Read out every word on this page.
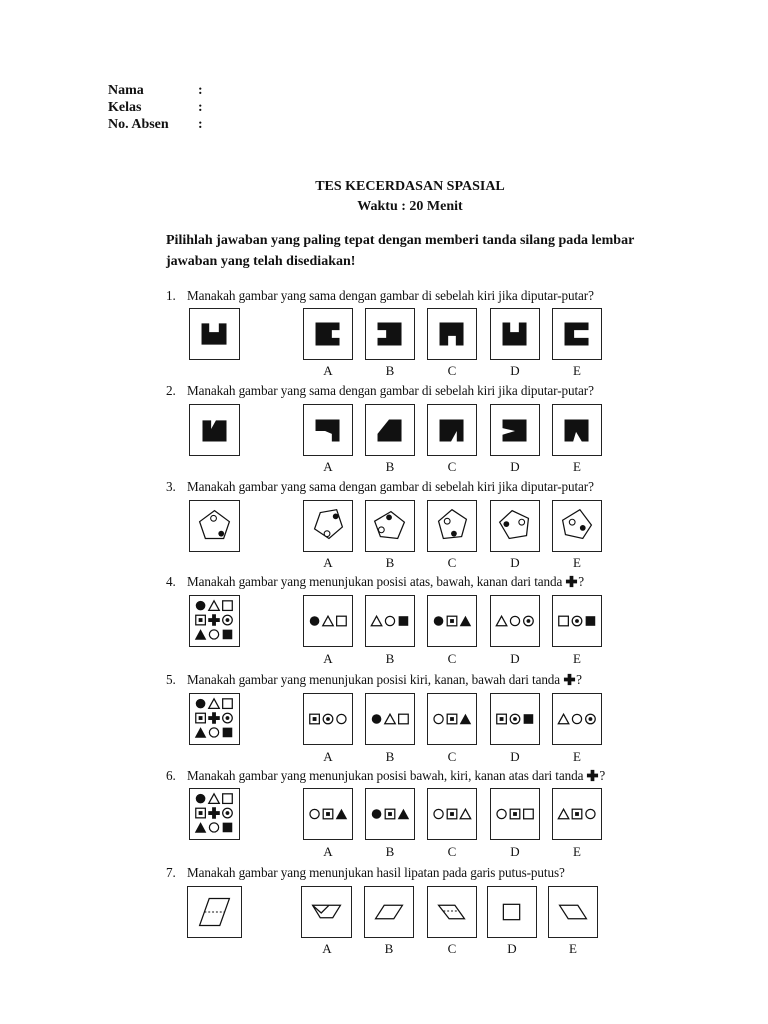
Nama	:
Kelas	:
No. Absen :
TES KECERDASAN SPASIAL
Waktu : 20 Menit
Pilihlah jawaban yang paling tepat dengan memberi tanda silang pada lembar jawaban yang telah disediakan!
1. Manakah gambar yang sama dengan gambar di sebelah kiri jika diputar-putar?
A	B	C	D	E
2. Manakah gambar yang sama dengan gambar di sebelah kiri jika diputar-putar?
A	B	C	D	E
3. Manakah gambar yang sama dengan gambar di sebelah kiri jika diputar-putar?
A	B	C	D	E
4. Manakah gambar yang menunjukan posisi atas, bawah, kanan dari tanda ?
A	B	C	D	E
5. Manakah gambar yang menunjukan posisi kiri, kanan, bawah dari tanda ?
A	B	C	D	E
6. Manakah gambar yang menunjukan posisi bawah, kiri, kanan atas dari tanda ?
A	B	C	D	E
7. Manakah gambar yang menunjukan hasil lipatan pada garis putus-putus?
A	B	C	D	E
